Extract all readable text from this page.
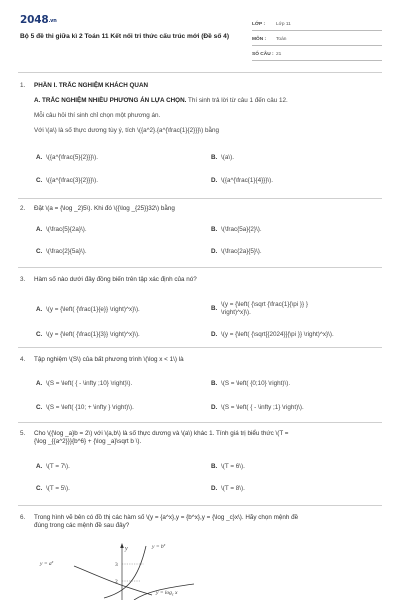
2048.vn
Bộ 5 đề thi giữa kì 2 Toán 11 Kết nối tri thức cấu trúc mới (Đề số 4)
LỚP :	Lớp 11
MÔN :	Toán
SỐ CÂU : 21
1. PHẦN I. TRẮC NGHIỆM KHÁCH QUAN
A. TRẮC NGHIỆM NHIỀU PHƯƠNG ÁN LỰA CHỌN. Thí sinh trả lời từ câu 1 đến câu 12.
Mỗi câu hỏi thí sinh chỉ chọn một phương án.
Với \(a\) là số thực dương tùy ý, tích \({a^2}.{a^{\frac{1}{2}}}\) bằng
A. \({a^{\frac{5}{2}}}\).	B. \(a\).
C. \({a^{\frac{3}{2}}}\).	D. \({a^{\frac{1}{4}}}\).
2. Đặt \(a = {\log _2}5\). Khi đó \({\log _{25}}32\) bằng
A. \(\frac{5}{2a}\).	B. \(\frac{5a}{2}\).
C. \(\frac{2}{5a}\).	D. \(\frac{2a}{5}\).
3. Hàm số nào dưới đây đồng biến trên tập xác định của nó?
A. \(y = {\left( {\frac{1}{e}} \right)^x}\).	B.
\(y = {\left( {\sqrt {\frac{1}{\pi }} }
\right)^x}\).
C. \(y = {\left( {\frac{1}{3}} \right)^x}\).	D. \(y = {\left( {\sqrt[{2024}]{\pi }} \right)^x}\).
4. Tập nghiệm \(S\) của bất phương trình \(\log x < 1\) là
A. \(S = \left( { - \infty ;10} \right)\).	B. \(S = \left( {0;10} \right)\).
C. \(S = \left( {10; + \infty } \right)\).	D. \(S = \left( { - \infty ;1} \right)\).
5. Cho \({\log _a}b = 2\) với \(a,b\) là số thực dương và \(a\) khác 1. Tính giá trị biểu thức \(T =
{\log _{{a^2}}}{b^6} + {\log _a}\sqrt b \).
A. \(T = 7\).	B. \(T = 6\).
C. \(T = 5\).	D. \(T = 8\).
6. Trong hình vẽ bên có đồ thị các hàm số \(y = {a^x},y = {b^x},y = {\log _c}x\). Hãy chọn mệnh đề
đúng trong các mệnh đề sau đây?
y
3
2
$y = a^x$
$y = b^x$
$y = \log_c x$
